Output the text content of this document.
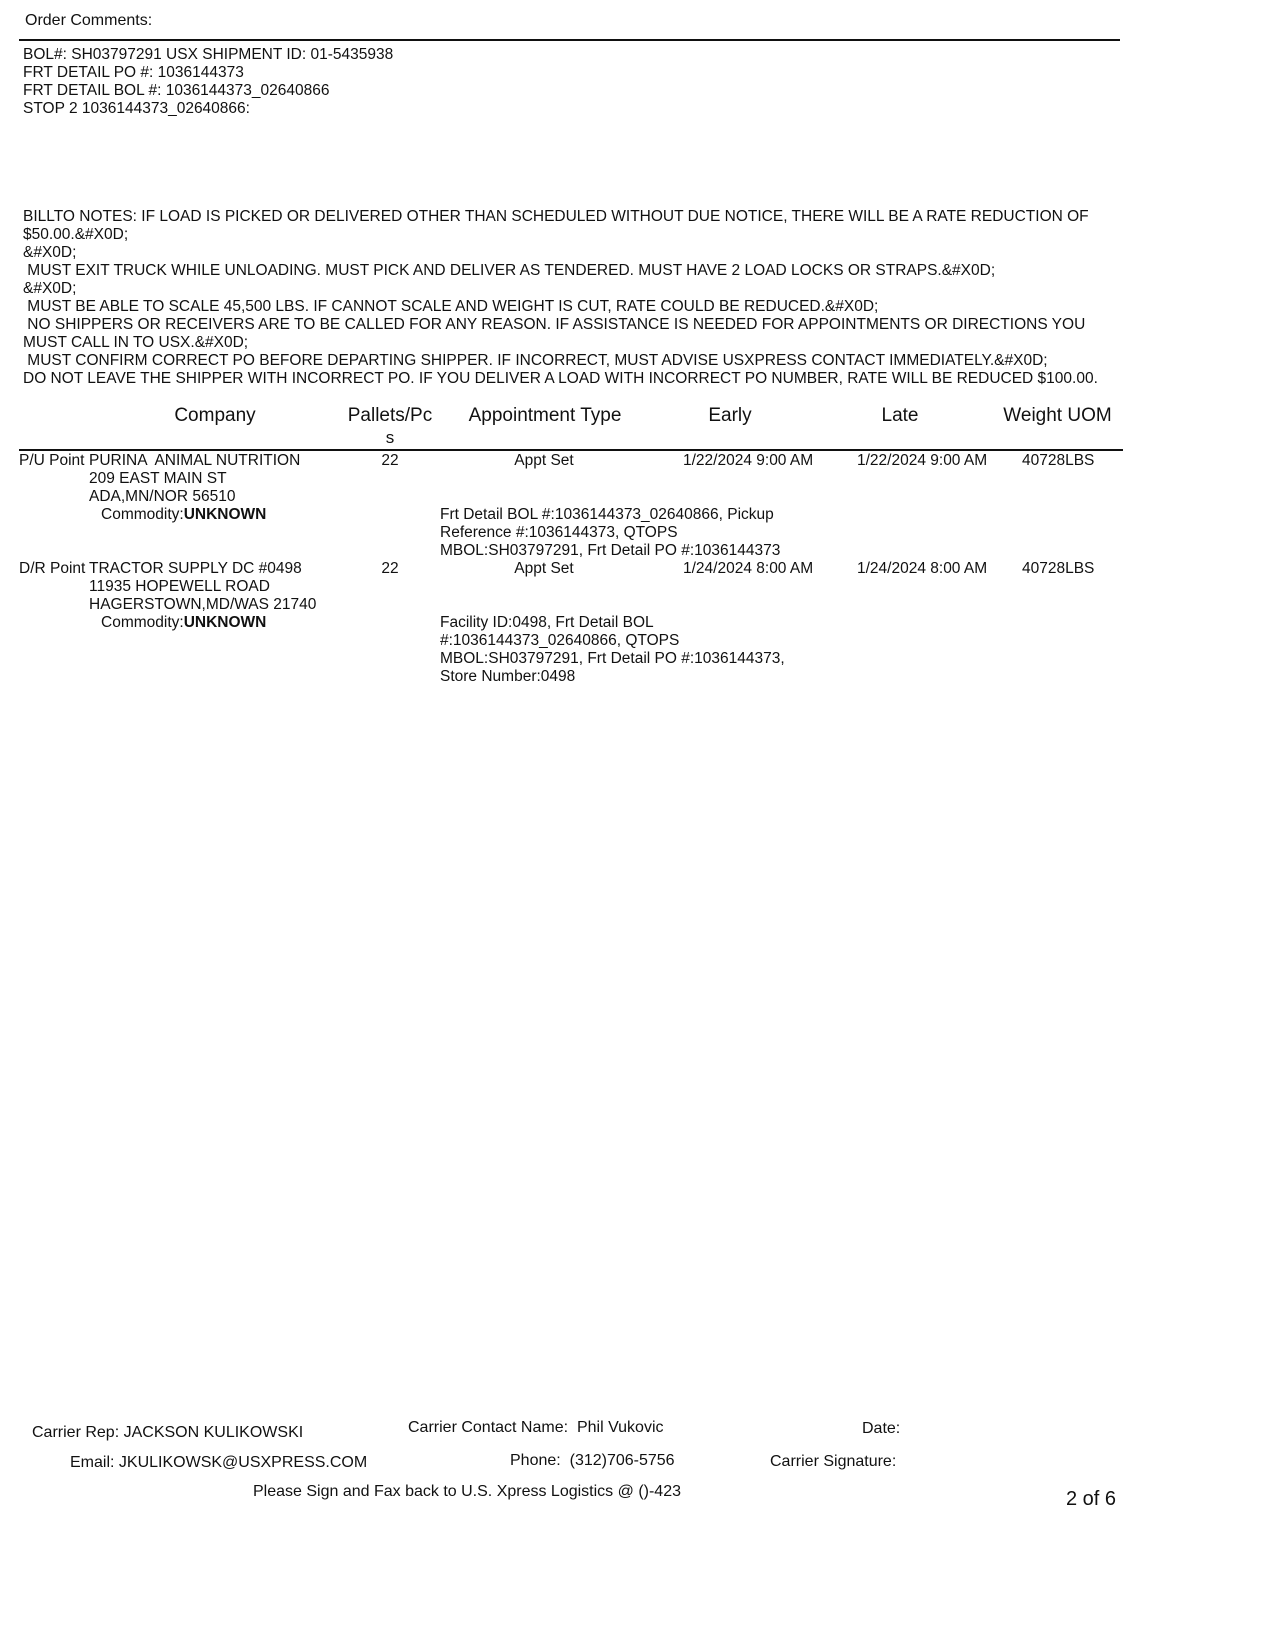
Order Comments:
BOL#: SH03797291 USX SHIPMENT ID: 01-5435938
FRT DETAIL PO #: 1036144373
FRT DETAIL BOL #: 1036144373_02640866
STOP 2 1036144373_02640866:
BILLTO NOTES: IF LOAD IS PICKED OR DELIVERED OTHER THAN SCHEDULED WITHOUT DUE NOTICE, THERE WILL BE A RATE REDUCTION OF
$50.00.&#X0D;
&#X0D;
MUST EXIT TRUCK WHILE UNLOADING. MUST PICK AND DELIVER AS TENDERED. MUST HAVE 2 LOAD LOCKS OR STRAPS.&#X0D;
&#X0D;
MUST BE ABLE TO SCALE 45,500 LBS. IF CANNOT SCALE AND WEIGHT IS CUT, RATE COULD BE REDUCED.&#X0D;
NO SHIPPERS OR RECEIVERS ARE TO BE CALLED FOR ANY REASON. IF ASSISTANCE IS NEEDED FOR APPOINTMENTS OR DIRECTIONS YOU
MUST CALL IN TO USX.&#X0D;
MUST CONFIRM CORRECT PO BEFORE DEPARTING SHIPPER. IF INCORRECT, MUST ADVISE USXPRESS CONTACT IMMEDIATELY.&#X0D;
DO NOT LEAVE THE SHIPPER WITH INCORRECT PO. IF YOU DELIVER A LOAD WITH INCORRECT PO NUMBER, RATE WILL BE REDUCED $100.00.
Company	Pallets/Pc
s
Appointment Type	Early	Late	Weight UOM
P/U Point PURINA  ANIMAL NUTRITION
209 EAST MAIN ST
ADA,MN/NOR 56510
Commodity:UNKNOWN
22	Appt Set	1/22/2024 9:00 AM	1/22/2024 9:00 AM 40728LBS
Frt Detail BOL #:1036144373_02640866, Pickup
Reference #:1036144373, QTOPS
MBOL:SH03797291, Frt Detail PO #:1036144373
D/R Point TRACTOR SUPPLY DC #0498
11935 HOPEWELL ROAD
HAGERSTOWN,MD/WAS 21740
Commodity:UNKNOWN
22	Appt Set	1/24/2024 8:00 AM	1/24/2024 8:00 AM 40728LBS
Facility ID:0498, Frt Detail BOL
#:1036144373_02640866, QTOPS
MBOL:SH03797291, Frt Detail PO #:1036144373,
Store Number:0498
Carrier Rep: JACKSON KULIKOWSKI	Carrier Contact Name: Phil Vukovic	Date:
Email: JKULIKOWSK@USXPRESS.COM	Phone: (312)706-5756	Carrier Signature:
Please Sign and Fax back to U.S. Xpress Logistics @ ()-423	2 of 6
